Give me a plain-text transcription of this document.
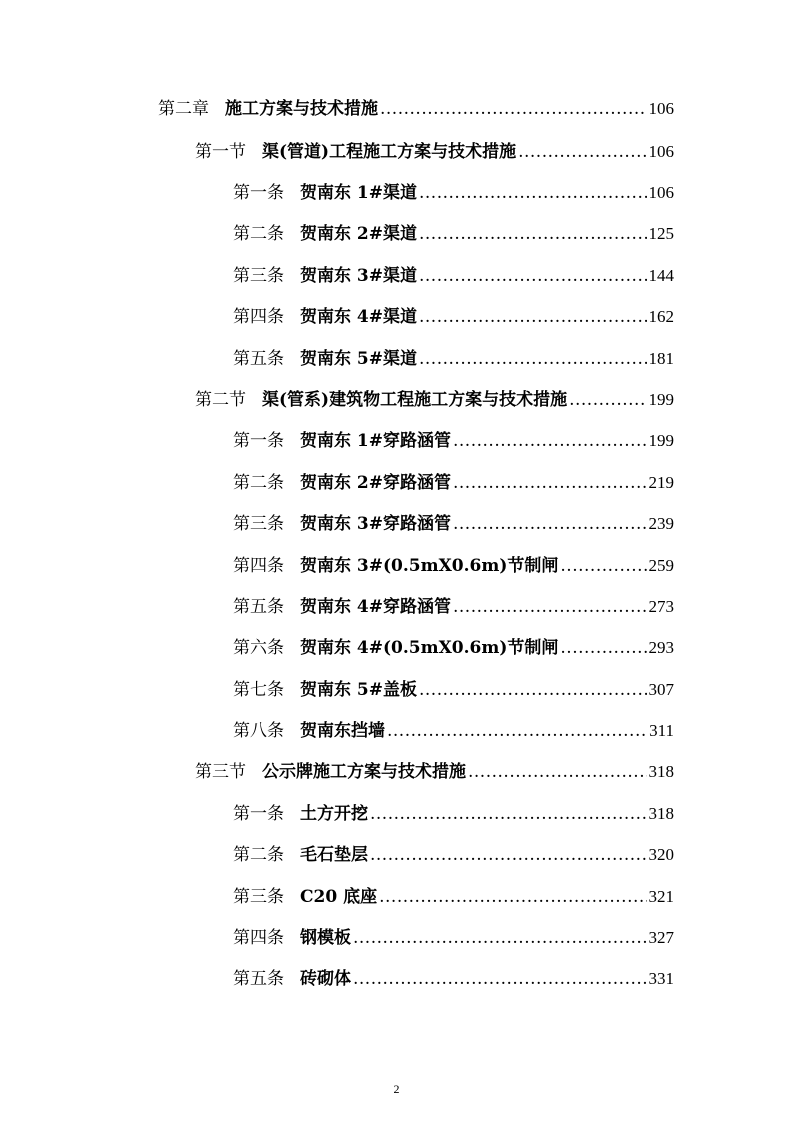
第二章 施工方案与技术措施 .....	106
第一节 渠(管道)工程施工方案与技术措施 .....	106
第一条 贺南东 1#渠道 .....	106
第二条 贺南东 2#渠道 .....	125
第三条 贺南东 3#渠道 .....	144
第四条 贺南东 4#渠道 .....	162
第五条 贺南东 5#渠道 .....	181
第二节 渠(管系)建筑物工程施工方案与技术措施 .....	199
第一条 贺南东 1#穿路涵管 .....	199
第二条 贺南东 2#穿路涵管 .....	219
第三条 贺南东 3#穿路涵管 .....	239
第四条 贺南东 3#(0.5mX0.6m)节制闸 .....	259
第五条 贺南东 4#穿路涵管 .....	273
第六条 贺南东 4#(0.5mX0.6m)节制闸 .....	293
第七条 贺南东 5#盖板 .....	307
第八条 贺南东挡墙 .....	311
第三节 公示牌施工方案与技术措施 .....	318
第一条 土方开挖 .....	318
第二条 毛石垫层 .....	320
第三条 C20 底座 .....	321
第四条 钢模板 .....	327
第五条 砖砌体 .....	331
2
